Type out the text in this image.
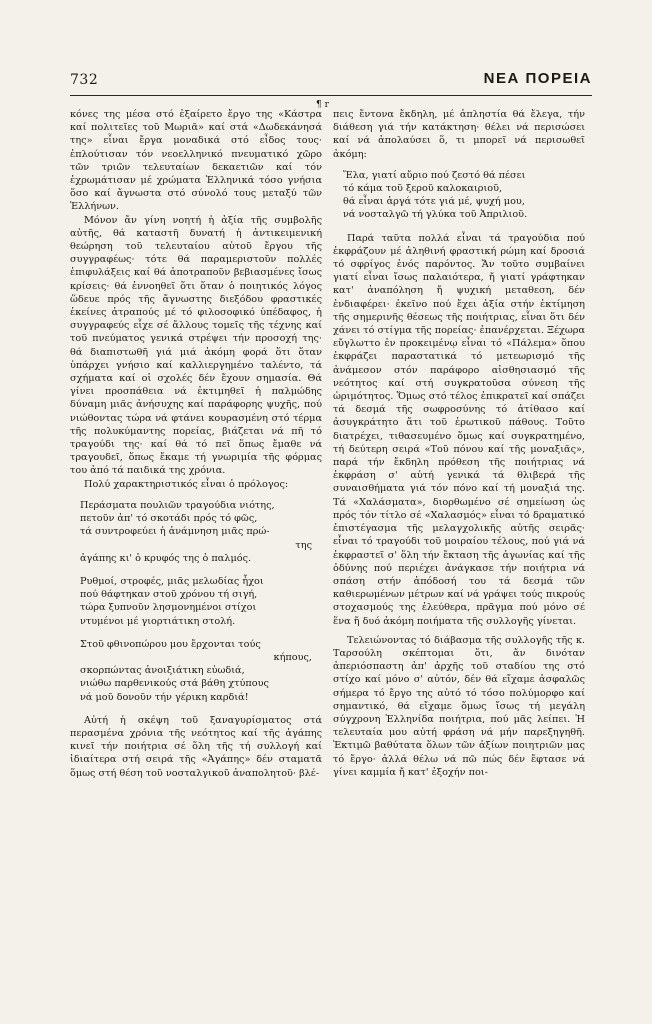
732	ΝΕΑ ΠΟΡΕΙΑ
¶ r

κόνες της μέσα στό ἐξαίρετο ἔργο της «Κάστρα καί πολιτεῖες τοῦ Μωριᾶ» καί στά «Δωδεκάνησά της» εἶναι ἔργα μοναδικά στό εἶδος τους· ἐπλούτισαν τόν νεοελληνικό πνευματικό χῶρο τῶν τριῶν τελευταίων δεκαετιῶν καί τόν ἐχρωμάτισαν μέ χρώματα Ἑλληνικά τόσο γνήσια ὅσο καί ἄγνωστα στό σύνολό τους μεταξύ τῶν Ἑλλήνων.

Μόνον ἄν γίνη νοητή ἡ ἀξία τῆς συμβολῆς αὐτῆς, θά καταστῆ δυνατή ἡ ἀντικειμενική θεώρηση τοῦ τελευταίου αὐτοῦ ἔργου τῆς συγγραφέως· τότε θά παραμεριστοῦν πολλές ἐπιφυλάξεις καί θά ἀποτραποῦν βεβιασμένες ἴσως κρίσεις· θά ἐννοηθεῖ ὅτι ὅταν ὁ ποιητικός λόγος ὥδευε πρός τῆς ἄγνωστης διεξόδου φραστικές ἐκείνες ἀτραπούς μέ τό φιλοσοφικό ὑπέδαφος, ἡ συγγραφεύς εἶχε σέ ἄλλους τομεῖς τῆς τέχνης καί τοῦ πνεύματος γενικά στρέψει τήν προσοχή της· θά διαπιστωθῆ γιά μιά ἀκόμη φορά ὅτι ὅταν ὑπάρχει γνήσιο καί καλλιεργημένο ταλέντο, τά σχήματα καί οἱ σχολές δέν ἔχουν σημασία. Θά γίνει προσπάθεια νά ἐκτιμηθεῖ ἡ παλμώδης δύναμη μιᾶς ἀνήσυχης καί παράφορης ψυχῆς, πού νιώθοντας τώρα νά φτάνει κουρασμένη στό τέρμα τῆς πολυκύμαντης πορείας, βιάζεται νά πῆ τό τραγούδι της· καί θά τό πεῖ ὅπως ἔμαθε νά τραγουδεῖ, ὅπως ἔκαμε τή γνωριμία τῆς φόρμας του ἀπό τά παιδικά της χρόνια.

Πολύ χαρακτηριστικός εἶναι ὁ πρόλογος:

Περάσματα πουλιῶν τραγούδια νιότης,
πετοῦν ἀπ' τό σκοτάδι πρός τό φῶς,
τά συντροφεύει ἡ ἀνάμνηση μιᾶς πρώ-
της
ἀγάπης κι' ὁ κρυφός της ὁ παλμός.
Ρυθμοί, στροφές, μιᾶς μελωδίας ἦχοι
πού θάφτηκαν στοῦ χρόνου τή σιγή,
τώρα ξυπνοῦν λησμονημένοι στίχοι
ντυμένοι μέ γιορτιάτικη στολή.
Στοῦ φθινοπώρου μου ἔρχονται τούς
κήπους,
σκορπώντας ἀνοιξιάτικη εὐωδιά,
νιώθω παρθενικούς στά βάθη χτύπους
νά μοῦ δονοῦν τήν γέρικη καρδιά!

Αὐτή ἡ σκέψη τοῦ ξαναγυρίσματος στά περασμένα χρόνια τῆς νεότητος καί τῆς ἀγάπης κινεῖ τήν ποιήτρια σέ ὅλη τῆς τή συλλογή καί ἰδιαίτερα στή σειρά τῆς «Ἀγάπης» δέν σταματᾶ ὅμως στή θέση τοῦ νοσταλγικοῦ ἀναπολητοῦ· βλέ-

πεις ἔντονα ἔκδηλη, μέ ἀπληστία θά ἔλεγα, τήν διάθεση γιά τήν κατάκτηση· θέλει νά περισώσει καί νά ἀπολαύσει ὅ, τι μπορεῖ νά περισωθεῖ ἀκόμη:

Ἔλα, γιατί αὔριο πού ζεστό θά πέσει
τό κάμα τοῦ ξεροῦ καλοκαιριοῦ,
θά εἶναι ἀργά τότε γιά μέ, ψυχή μου,
νά νοσταλγῶ τή γλύκα τοῦ Ἀπριλιοῦ.

Παρά ταῦτα πολλά εἶναι τά τραγούδια πού ἐκφράζουν μέ ἀληθινή φραστική ρώμη καί δροσιά τό σφρίγος ἑνός παρόντος. Ἄν τοῦτο συμβαίνει γιατί εἶναι ἴσως παλαιότερα, ἤ γιατί γράφτηκαν κατ' ἀναπόληση ἤ ψυχική μεταθεση, δέν ἐνδιαφέρει· ἐκεῖνο πού ἔχει ἀξία στήν ἐκτίμηση τῆς σημερινῆς θέσεως τῆς ποιήτριας, εἶναι ὅτι δέν χάνει τό στίγμα τῆς πορείας· ἐπανέρχεται. Ξέχωρα εὔγλωττο ἐν προκειμένῳ εἶναι τό «Πάλεμα» ὅπου ἐκφράζει παραστατικά τό μετεωρισμό τῆς ἀνάμεσον στόν παράφορο αἰσθησιασμό τῆς νεότητος καί στή συγκρατοῦσα σύνεση τῆς ὡριμότητος. Ὅμως στό τέλος ἐπικρατεῖ καί σπάζει τά δεσμά τῆς σωφροσύνης τό ἀτίθασο καί ἀσυγκράτητο ἄτι τοῦ ἐρωτικοῦ πάθους. Τοῦτο διατρέχει, τιθασευμένο ὅμως καί συγκρατημένο, τή δεύτερη σειρά «Τοῦ πόνου καί τῆς μοναξιᾶς», παρά τήν ἔκδηλη πρόθεση τῆς ποιήτριας νά ἐκφράση σ' αὐτή γενικά τά θλιβερά τῆς συναισθήματα γιά τόν πόνο καί τή μοναξιά της. Τά «Χαλάσματα», διορθωμένο σέ σημείωση ὡς πρός τόν τίτλο σέ «Χαλασμός» εἶναι τό δραματικό ἐπιστέγασμα τῆς μελαγχολικῆς αὐτῆς σειρᾶς· εἶναι τό τραγούδι τοῦ μοιραίου τέλους, πού γιά νά ἐκφραστεῖ σ' ὅλη τήν ἔκταση τῆς ἀγωνίας καί τῆς ὀδύνης πού περιέχει ἀνάγκασε τήν ποιήτρια νά σπάση στήν ἀπόδοσή του τά δεσμά τῶν καθιερωμένων μέτρων καί νά γράψει τούς πικρούς στοχασμούς της ἐλεύθερα, πρᾶγμα πού μόνο σέ ἕνα ἤ δυό ἀκόμη ποιήματα τῆς συλλογῆς γίνεται.

Τελειώνοντας τό διάβασμα τῆς συλλογῆς τῆς κ. Ταρσούλη σκέπτομαι ὅτι, ἄν δινόταν ἀπεριόσπαστη ἀπ' ἀρχῆς τοῦ σταδίου της στό στίχο καί μόνο σ' αὐτόν, δέν θά εἴχαμε ἀσφαλῶς σήμερα τό ἔργο της αὐτό τό τόσο πολύμορφο καί σημαντικό, θά εἴχαμε ὅμως ἴσως τή μεγάλη σύγχρονη Ἑλληνίδα ποιήτρια, πού μᾶς λείπει. Ἡ τελευταία μου αὐτή φράση νά μήν παρεξηγηθῆ. Ἐκτιμῶ βαθύτατα ὅλων τῶν ἀξίων ποιητριῶν μας τό ἔργο· ἀλλά θέλω νά πῶ πώς δέν ἔφτασε νά γίνει καμμία ἤ κατ' ἐξοχήν ποι-
